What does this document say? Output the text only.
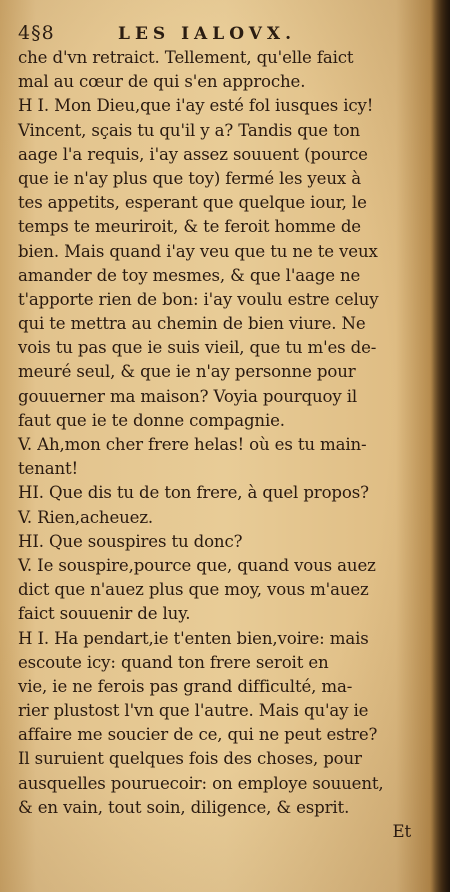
4§8	LES IALOVX.
che d'vn retraict. Tellement, qu'elle faict
mal au cœur de qui s'en approche.
H I. Mon Dieu,que i'ay esté fol iusques icy!
Vincent, sçais tu qu'il y a? Tandis que ton
aage l'a requis, i'ay assez souuent (pource
que ie n'ay plus que toy) fermé les yeux à
tes appetits, esperant que quelque iour, le
temps te meuriroit, & te feroit homme de
bien. Mais quand i'ay veu que tu ne te veux
amander de toy mesmes, & que l'aage ne
t'apporte rien de bon: i'ay voulu estre celuy
qui te mettra au chemin de bien viure. Ne
vois tu pas que ie suis vieil, que tu m'es de-
meuré seul, & que ie n'ay personne pour
gouuerner ma maison? Voyia pourquoy il
faut que ie te donne compagnie.
V. Ah,mon cher frere helas! où es tu main-
tenant!
HI. Que dis tu de ton frere, à quel propos?
V. Rien,acheuez.
HI. Que souspires tu donc?
V. Ie souspire,pource que, quand vous auez
dict que n'auez plus que moy, vous m'auez
faict souuenir de luy.
H I. Ha pendart,ie t'enten bien,voire: mais
escoute icy: quand ton frere seroit en
vie, ie ne ferois pas grand difficulté, ma-
rier plustost l'vn que l'autre. Mais qu'ay ie
affaire me soucier de ce, qui ne peut estre?
Il suruient quelques fois des choses, pour
ausquelles pouruecoir: on employe souuent,
& en vain, tout soin, diligence, & esprit.
Et
